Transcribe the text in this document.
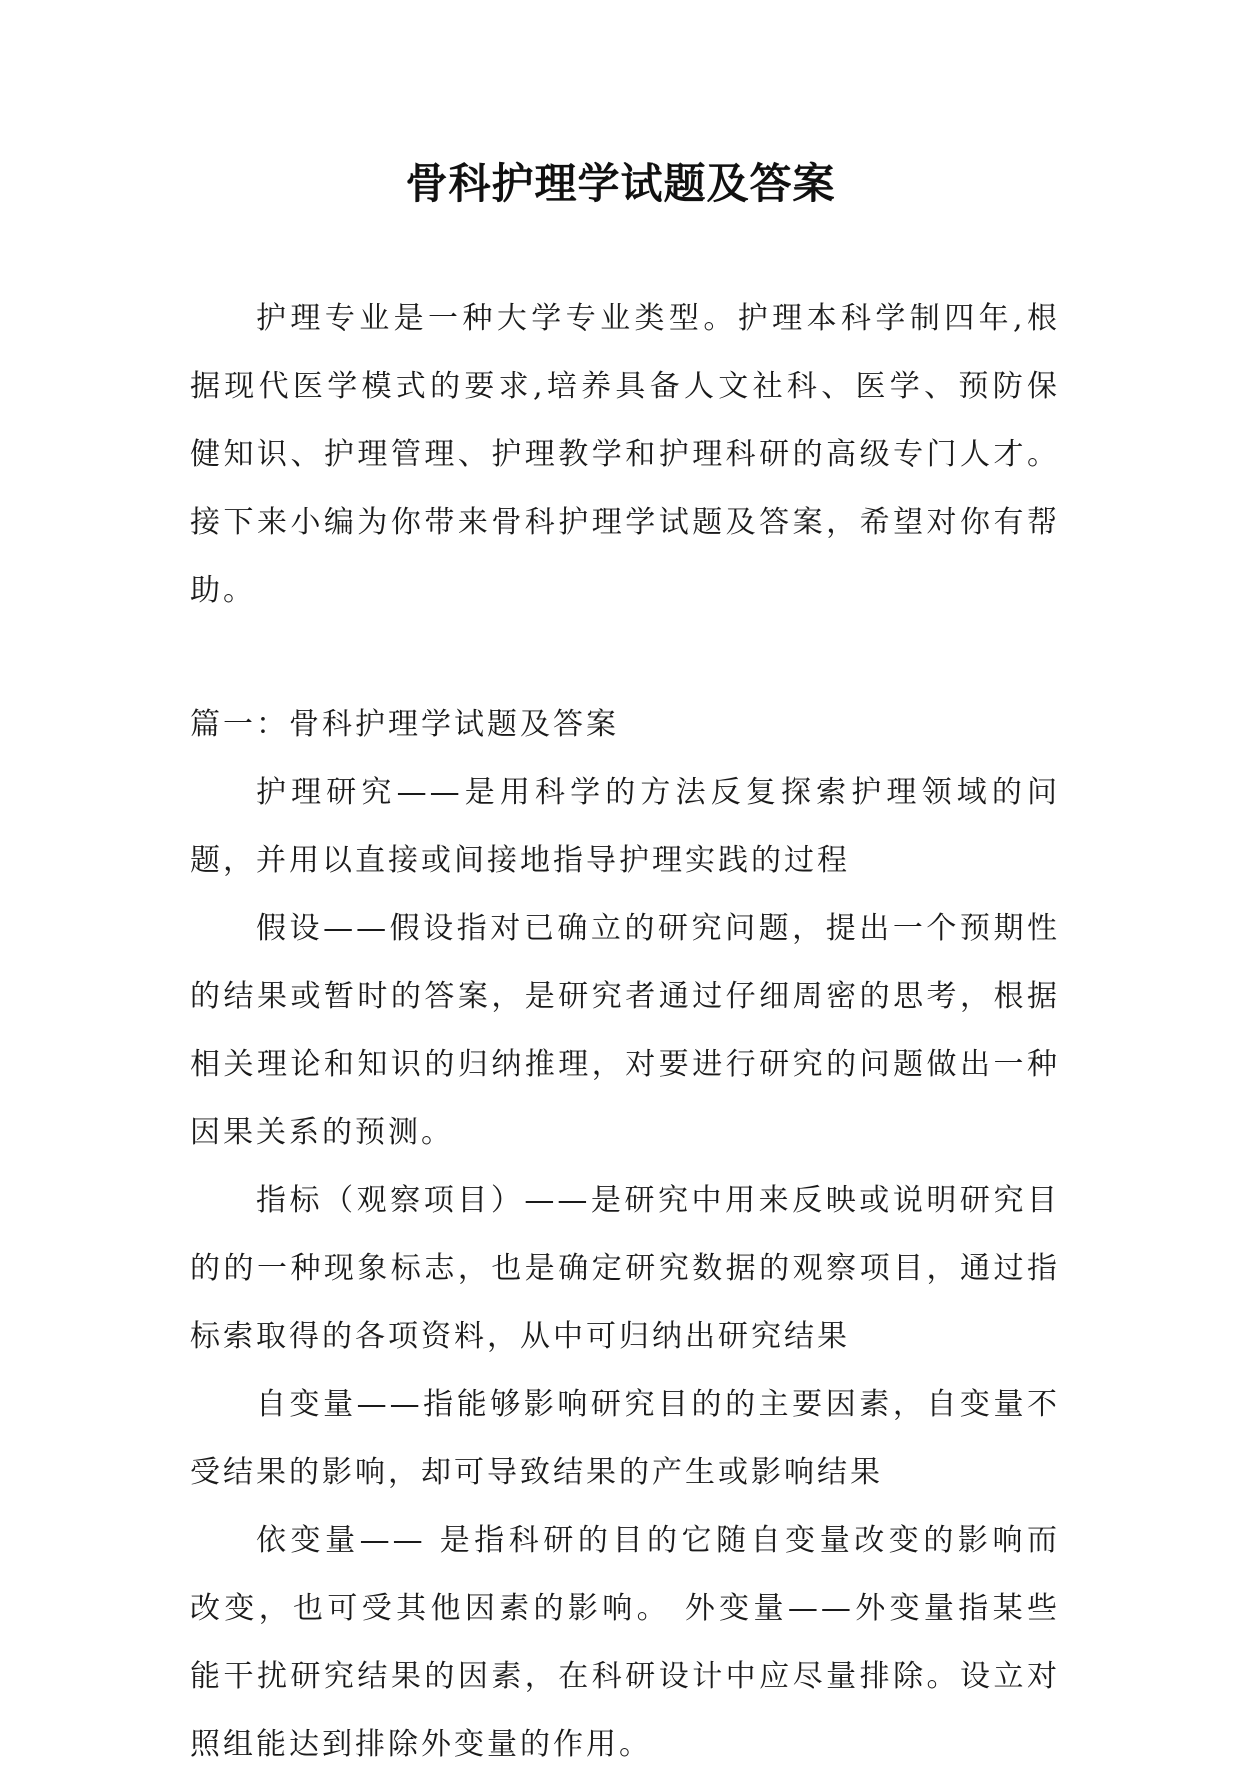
骨科护理学试题及答案

护理专业是一种大学专业类型。护理本科学制四年,根据现代医学模式的要求,培养具备人文社科、医学、预防保健知识、护理管理、护理教学和护理科研的高级专门人才。接下来小编为你带来骨科护理学试题及答案，希望对你有帮助。

篇一：骨科护理学试题及答案

护理研究——是用科学的方法反复探索护理领域的问题，并用以直接或间接地指导护理实践的过程

假设——假设指对已确立的研究问题，提出一个预期性的结果或暂时的答案，是研究者通过仔细周密的思考，根据相关理论和知识的归纳推理，对要进行研究的问题做出一种因果关系的预测。

指标（观察项目）——是研究中用来反映或说明研究目的的一种现象标志，也是确定研究数据的观察项目，通过指标索取得的各项资料，从中可归纳出研究结果

自变量——指能够影响研究目的的主要因素，自变量不受结果的影响，却可导致结果的产生或影响结果

依变量—— 是指科研的目的它随自变量改变的影响而改变，也可受其他因素的影响。 外变量——外变量指某些能干扰研究结果的因素，在科研设计中应尽量排除。设立对照组能达到排除外变量的作用。
